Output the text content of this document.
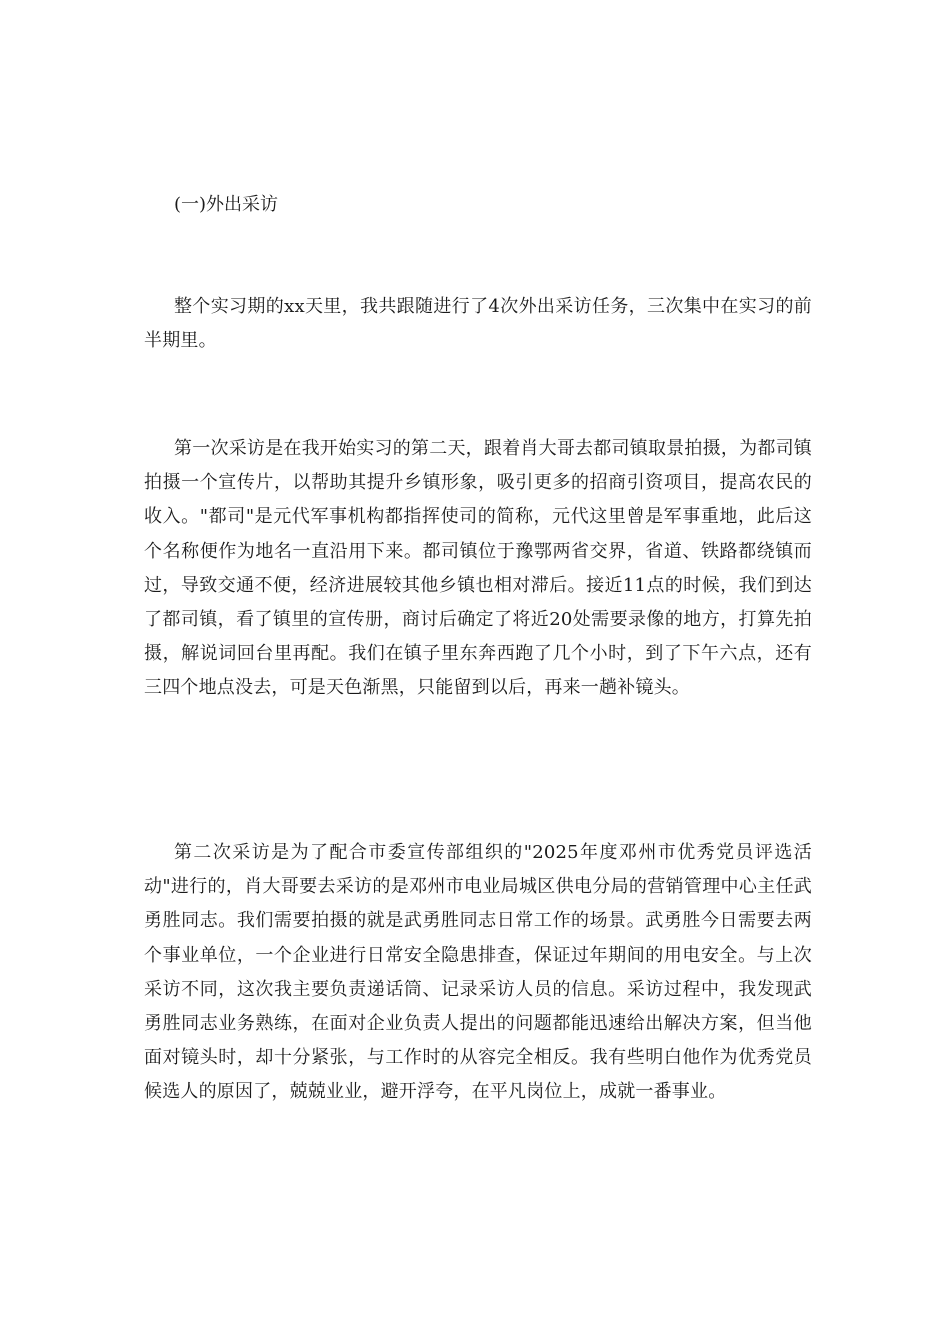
(一)外出采访

整个实习期的xx天里，我共跟随进行了4次外出采访任务，三次集中在实习的前半期里。

第一次采访是在我开始实习的第二天，跟着肖大哥去都司镇取景拍摄，为都司镇拍摄一个宣传片，以帮助其提升乡镇形象，吸引更多的招商引资项目，提高农民的收入。"都司"是元代军事机构都指挥使司的简称，元代这里曾是军事重地，此后这个名称便作为地名一直沿用下来。都司镇位于豫鄂两省交界，省道、铁路都绕镇而过，导致交通不便，经济进展较其他乡镇也相对滞后。接近11点的时候，我们到达了都司镇，看了镇里的宣传册，商讨后确定了将近20处需要录像的地方，打算先拍摄，解说词回台里再配。我们在镇子里东奔西跑了几个小时，到了下午六点，还有三四个地点没去，可是天色渐黑，只能留到以后，再来一趟补镜头。

第二次采访是为了配合市委宣传部组织的"2025年度邓州市优秀党员评选活动"进行的，肖大哥要去采访的是邓州市电业局城区供电分局的营销管理中心主任武勇胜同志。我们需要拍摄的就是武勇胜同志日常工作的场景。武勇胜今日需要去两个事业单位，一个企业进行日常安全隐患排查，保证过年期间的用电安全。与上次采访不同，这次我主要负责递话筒、记录采访人员的信息。采访过程中，我发现武勇胜同志业务熟练，在面对企业负责人提出的问题都能迅速给出解决方案，但当他面对镜头时，却十分紧张，与工作时的从容完全相反。我有些明白他作为优秀党员候选人的原因了，兢兢业业，避开浮夸，在平凡岗位上，成就一番事业。
